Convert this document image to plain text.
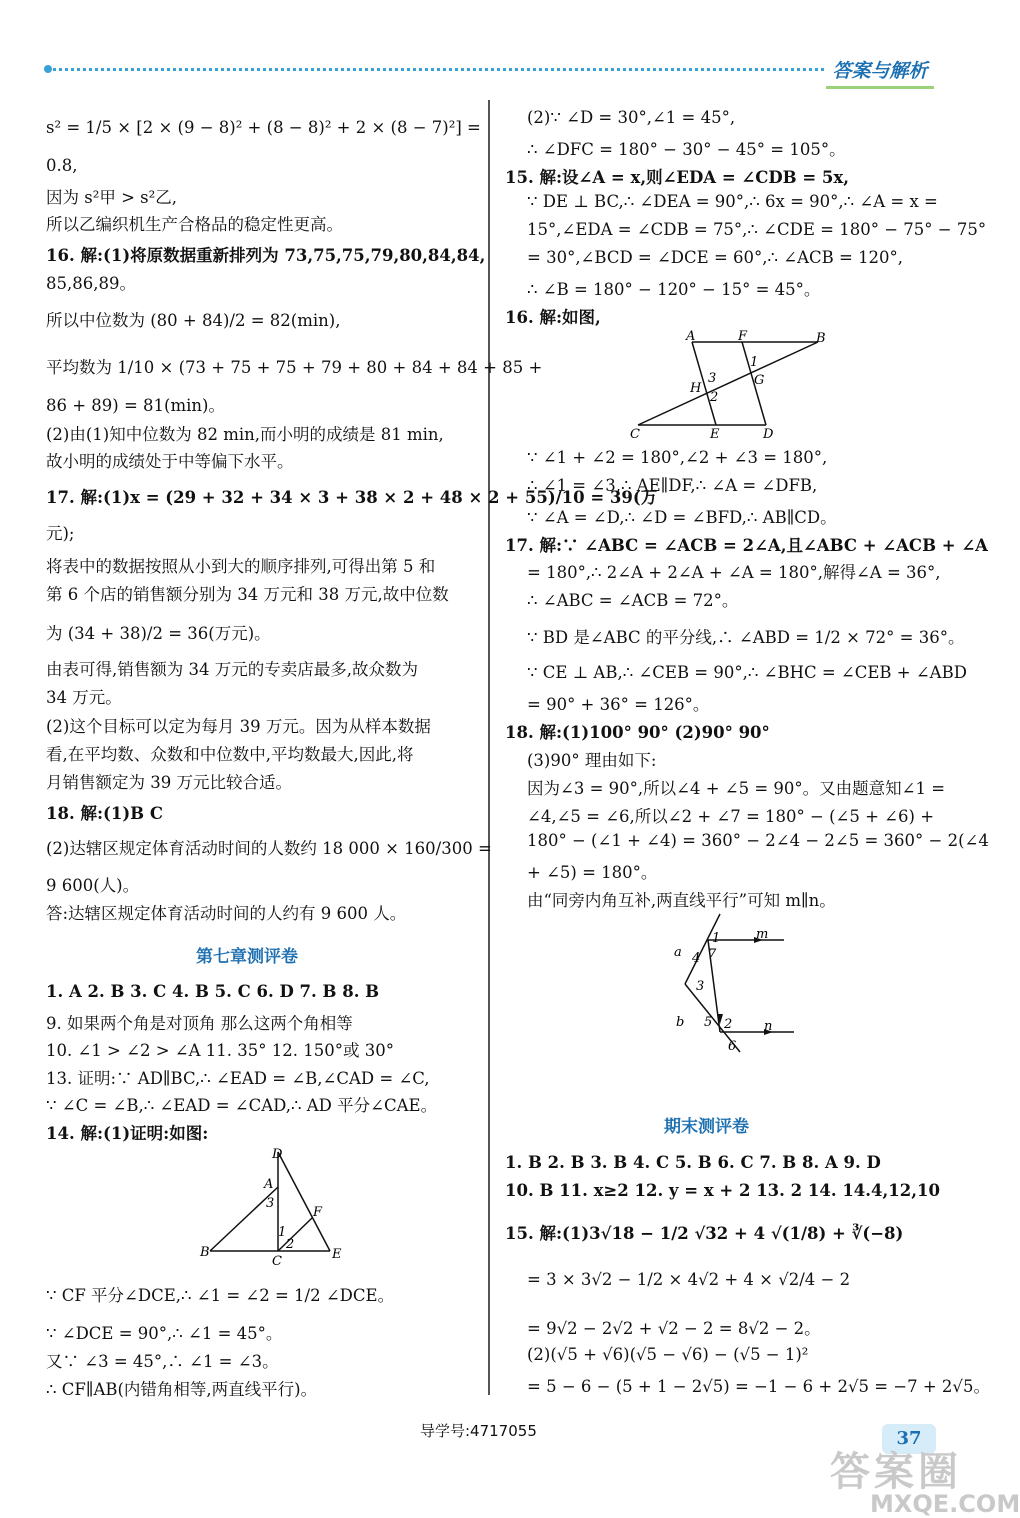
答案与解析
s² = 1/5 × [2 × (9 − 8)² + (8 − 8)² + 2 × (8 − 7)²] =
0.8,
因为 s²甲 > s²乙,
所以乙编织机生产合格品的稳定性更高。
16. 解:(1)将原数据重新排列为 73,75,75,79,80,84,84,
85,86,89。
所以中位数为 (80 + 84)/2 = 82(min),
平均数为 1/10 × (73 + 75 + 75 + 79 + 80 + 84 + 84 + 85 +
86 + 89) = 81(min)。
(2)由(1)知中位数为 82 min,而小明的成绩是 81 min,
故小明的成绩处于中等偏下水平。
17. 解:(1)x = (29 + 32 + 34 × 3 + 38 × 2 + 48 × 2 + 55)/10 = 39(万
元);
将表中的数据按照从小到大的顺序排列,可得出第 5 和
第 6 个店的销售额分别为 34 万元和 38 万元,故中位数
为 (34 + 38)/2 = 36(万元)。
由表可得,销售额为 34 万元的专卖店最多,故众数为
34 万元。
(2)这个目标可以定为每月 39 万元。因为从样本数据
看,在平均数、众数和中位数中,平均数最大,因此,将
月销售额定为 39 万元比较合适。
18. 解:(1)B C
(2)达辖区规定体育活动时间的人数约 18 000 × 160/300 =
9 600(人)。
答:达辖区规定体育活动时间的人约有 9 600 人。
1. A 2. B 3. C 4. B 5. C 6. D 7. B 8. B
9. 如果两个角是对顶角 那么这两个角相等
10. ∠1 > ∠2 > ∠A 11. 35° 12. 150°或 30°
13. 证明:∵ AD∥BC,∴ ∠EAD = ∠B,∠CAD = ∠C,
∵ ∠C = ∠B,∴ ∠EAD = ∠CAD,∴ AD 平分∠CAE。
14. 解:(1)证明:如图:
∵ CF 平分∠DCE,∴ ∠1 = ∠2 = 1/2 ∠DCE。
∵ ∠DCE = 90°,∴ ∠1 = 45°。
又∵ ∠3 = 45°,∴ ∠1 = ∠3。
∴ CF∥AB(内错角相等,两直线平行)。
第七章测评卷
D
A
3
F
1
2
B
C	E
(2)∵ ∠D = 30°,∠1 = 45°,
∴ ∠DFC = 180° − 30° − 45° = 105°。
15. 解:设∠A = x,则∠EDA = ∠CDB = 5x,
∵ DE ⊥ BC,∴ ∠DEA = 90°,∴ 6x = 90°,∴ ∠A = x =
15°,∠EDA = ∠CDB = 75°,∴ ∠CDE = 180° − 75° − 75°
= 30°,∠BCD = ∠DCE = 60°,∴ ∠ACB = 120°,
∴ ∠B = 180° − 120° − 15° = 45°。
16. 解:如图,
∵ ∠1 + ∠2 = 180°,∠2 + ∠3 = 180°,
∴ ∠1 = ∠3,∴ AE∥DF,∴ ∠A = ∠DFB,
∵ ∠A = ∠D,∴ ∠D = ∠BFD,∴ AB∥CD。
17. 解:∵ ∠ABC = ∠ACB = 2∠A,且∠ABC + ∠ACB + ∠A
= 180°,∴ 2∠A + 2∠A + ∠A = 180°,解得∠A = 36°,
∴ ∠ABC = ∠ACB = 72°。
∵ BD 是∠ABC 的平分线,∴ ∠ABD = 1/2 × 72° = 36°。
∵ CE ⊥ AB,∴ ∠CEB = 90°,∴ ∠BHC = ∠CEB + ∠ABD
= 90° + 36° = 126°。
18. 解:(1)100° 90° (2)90° 90°
(3)90° 理由如下:
因为∠3 = 90°,所以∠4 + ∠5 = 90°。又由题意知∠1 =
∠4,∠5 = ∠6,所以∠2 + ∠7 = 180° − (∠5 + ∠6) +
180° − (∠1 + ∠4) = 360° − 2∠4 − 2∠5 = 360° − 2(∠4
+ ∠5) = 180°。
由“同旁内角互补,两直线平行”可知 m∥n。
1. B 2. B 3. B 4. C 5. B 6. C 7. B 8. A 9. D
10. B 11. x≥2 12. y = x + 2 13. 2 14. 14.4,12,10
15. 解:(1)3√18 − 1/2 √32 + 4 √(1/8) + ∛(−8)
= 3 × 3√2 − 1/2 × 4√2 + 4 × √2/4 − 2
= 9√2 − 2√2 + √2 − 2 = 8√2 − 2。
(2)(√5 + √6)(√5 − √6) − (√5 − 1)²
= 5 − 6 − (5 + 1 − 2√5) = −1 − 6 + 2√5 = −7 + 2√5。
A	F	B
1
H
3	G
2
C	E	D
a
1	m
4 7
3
b 5 2 n
6
期末测评卷
导学号:4717055	37
答案圈
MXQE.COM
